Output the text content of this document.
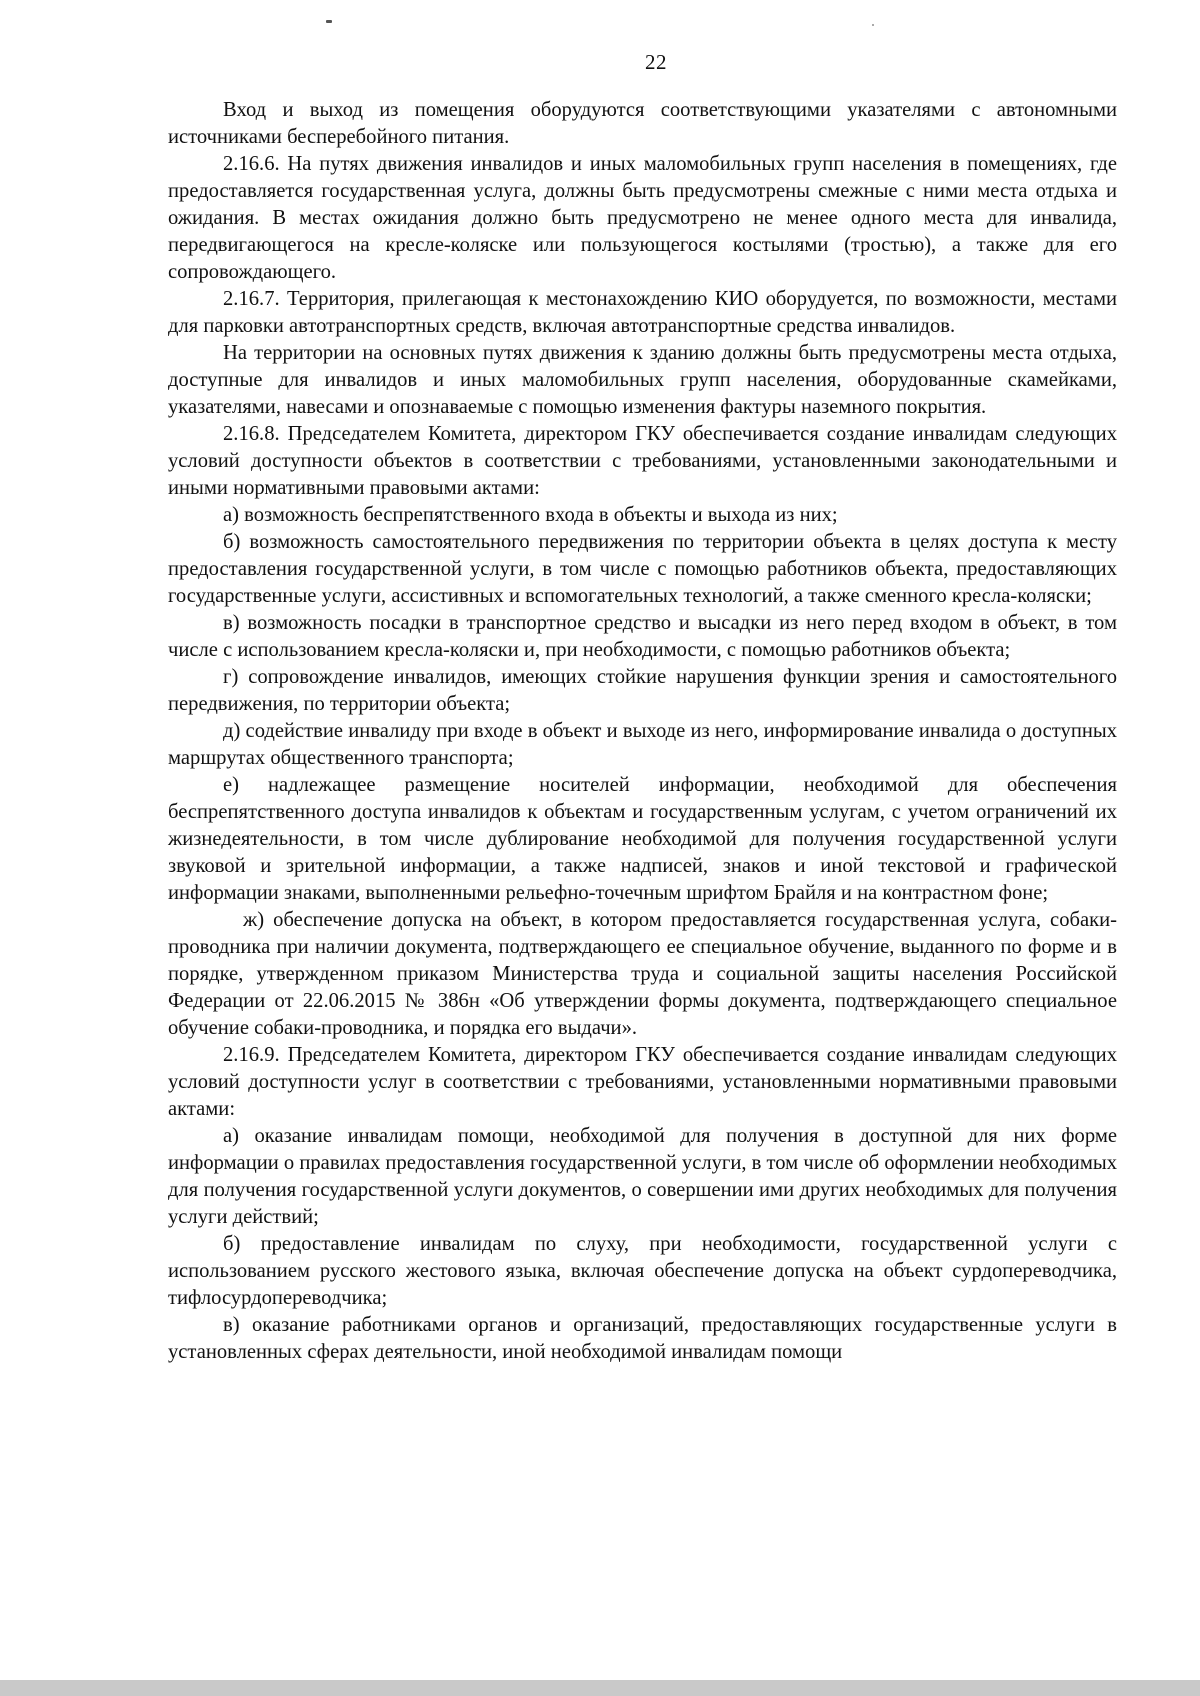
22

Вход и выход из помещения оборудуются соответствующими указателями с автономными источниками бесперебойного питания.

2.16.6. На путях движения инвалидов и иных маломобильных групп населения в помещениях, где предоставляется государственная услуга, должны быть предусмотрены смежные с ними места отдыха и ожидания. В местах ожидания должно быть предусмотрено не менее одного места для инвалида, передвигающегося на кресле-коляске или пользующегося костылями (тростью), а также для его сопровождающего.

2.16.7. Территория, прилегающая к местонахождению КИО оборудуется, по возможности, местами для парковки автотранспортных средств, включая автотранспортные средства инвалидов.

На территории на основных путях движения к зданию должны быть предусмотрены места отдыха, доступные для инвалидов и иных маломобильных групп населения, оборудованные скамейками, указателями, навесами и опознаваемые с помощью изменения фактуры наземного покрытия.

2.16.8. Председателем Комитета, директором ГКУ обеспечивается создание инвалидам следующих условий доступности объектов в соответствии с требованиями, установленными законодательными и иными нормативными правовыми актами:

а) возможность беспрепятственного входа в объекты и выхода из них;

б) возможность самостоятельного передвижения по территории объекта в целях доступа к месту предоставления государственной услуги, в том числе с помощью работников объекта, предоставляющих государственные услуги, ассистивных и вспомогательных технологий, а также сменного кресла-коляски;

в) возможность посадки в транспортное средство и высадки из него перед входом в объект, в том числе с использованием кресла-коляски и, при необходимости, с помощью работников объекта;

г) сопровождение инвалидов, имеющих стойкие нарушения функции зрения и самостоятельного передвижения, по территории объекта;

д) содействие инвалиду при входе в объект и выходе из него, информирование инвалида о доступных маршрутах общественного транспорта;

е) надлежащее размещение носителей информации, необходимой для обеспечения беспрепятственного доступа инвалидов к объектам и государственным услугам, с учетом ограничений их жизнедеятельности, в том числе дублирование необходимой для получения государственной услуги звуковой и зрительной информации, а также надписей, знаков и иной текстовой и графической информации знаками, выполненными рельефно-точечным шрифтом Брайля и на контрастном фоне;

ж) обеспечение допуска на объект, в котором предоставляется государственная услуга, собаки-проводника при наличии документа, подтверждающего ее специальное обучение, выданного по форме и в порядке, утвержденном приказом Министерства труда и социальной защиты населения Российской Федерации от 22.06.2015 № 386н «Об утверждении формы документа, подтверждающего специальное обучение собаки-проводника, и порядка его выдачи».

2.16.9. Председателем Комитета, директором ГКУ обеспечивается создание инвалидам следующих условий доступности услуг в соответствии с требованиями, установленными нормативными правовыми актами:

а) оказание инвалидам помощи, необходимой для получения в доступной для них форме информации о правилах предоставления государственной услуги, в том числе об оформлении необходимых для получения государственной услуги документов, о совершении ими других необходимых для получения услуги действий;

б) предоставление инвалидам по слуху, при необходимости, государственной услуги с использованием русского жестового языка, включая обеспечение допуска на объект сурдопереводчика, тифлосурдопереводчика;

в) оказание работниками органов и организаций, предоставляющих государственные услуги в установленных сферах деятельности, иной необходимой инвалидам помощи
